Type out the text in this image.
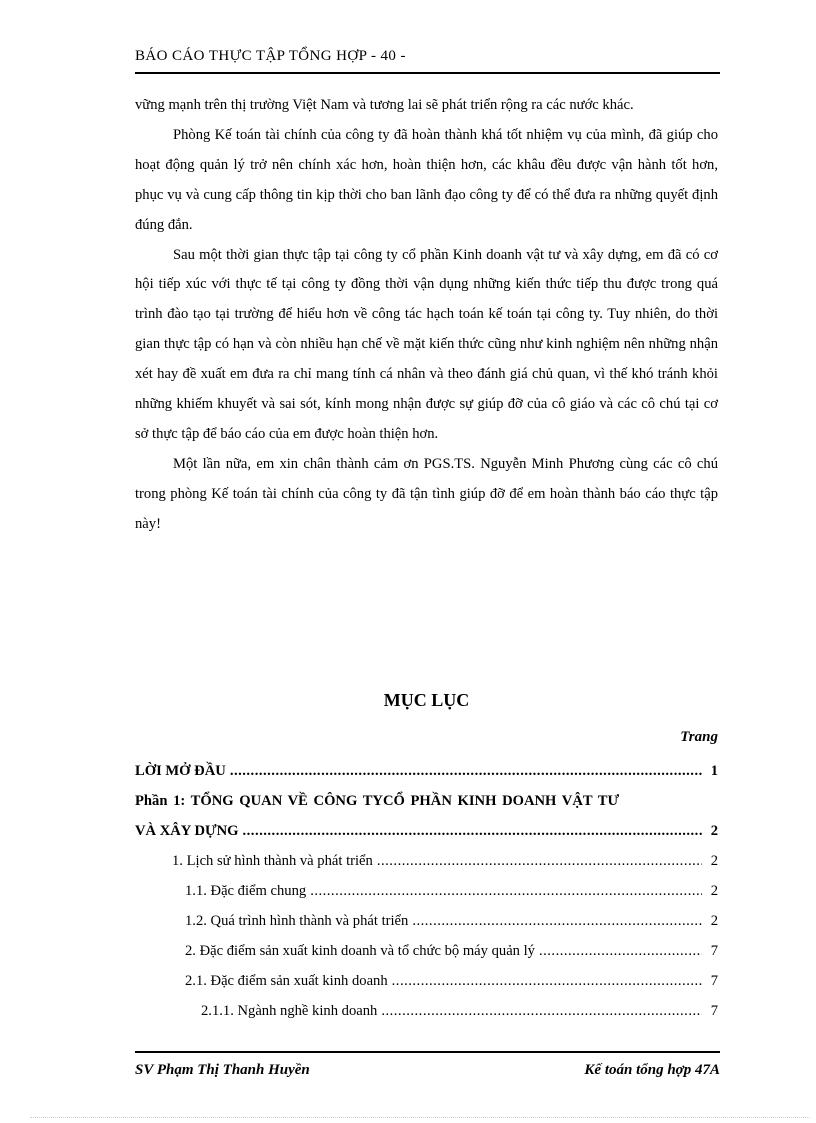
BÁO CÁO THỰC TẬP TỔNG HỢP - 40 -

vững mạnh trên thị trường Việt Nam và tương lai sẽ phát triển rộng ra các nước khác.

Phòng Kế toán tài chính của công ty đã hoàn thành khá tốt nhiệm vụ của mình, đã giúp cho hoạt động quản lý trở nên chính xác hơn, hoàn thiện hơn, các khâu đều được vận hành tốt hơn, phục vụ và cung cấp thông tin kịp thời cho ban lãnh đạo công ty để có thể đưa ra những quyết định đúng đắn.

Sau một thời gian thực tập tại công ty cổ phần Kinh doanh vật tư và xây dựng, em đã có cơ hội tiếp xúc với thực tế tại công ty đồng thời vận dụng những kiến thức tiếp thu được trong quá trình đào tạo tại trường để hiểu hơn về công tác hạch toán kế toán tại công ty. Tuy nhiên, do thời gian thực tập có hạn và còn nhiều hạn chế về mặt kiến thức cũng như kinh nghiệm nên những nhận xét hay đề xuất em đưa ra chỉ mang tính cá nhân và theo đánh giá chủ quan, vì thế khó tránh khỏi những khiếm khuyết và sai sót, kính mong nhận được sự giúp đỡ của cô giáo và các cô chú tại cơ sở thực tập để báo cáo của em được hoàn thiện hơn.

Một lần nữa, em xin chân thành cảm ơn PGS.TS. Nguyễn Minh Phương cùng các cô chú trong phòng Kế toán tài chính của công ty đã tận tình giúp đỡ để em hoàn thành báo cáo thực tập này!

MỤC LỤC
Trang
LỜI MỞ ĐẦU .....	1
Phần 1: TỔNG QUAN VỀ CÔNG TYCỔ PHẦN KINH DOANH VẬT TƯ
VÀ XÂY DỰNG .....	2
1. Lịch sử hình thành và phát triển .....	2
1.1. Đặc điểm chung .....	2
1.2. Quá trình hình thành và phát triển .....	2
2. Đặc điểm sản xuất kinh doanh và tổ chức bộ máy quản lý .....	7
2.1. Đặc điểm sản xuất kinh doanh .....	7
2.1.1. Ngành nghề kinh doanh .....	7
SV Phạm Thị Thanh Huyền	Kế toán tổng hợp 47A
